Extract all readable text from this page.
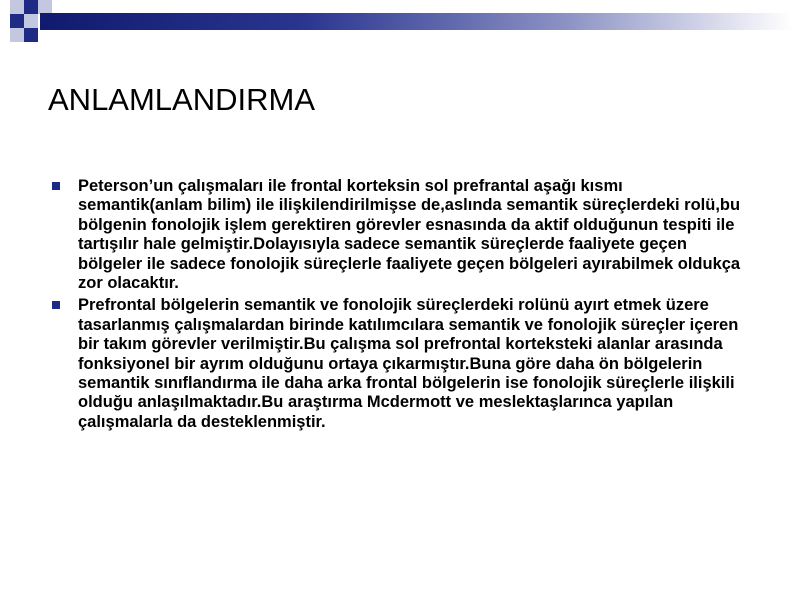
ANLAMLANDIRMA
Peterson’un çalışmaları ile frontal korteksin sol prefrantal aşağı kısmı semantik(anlam bilim) ile ilişkilendirilmişse de,aslında semantik süreçlerdeki rolü,bu bölgenin fonolojik işlem gerektiren görevler esnasında da aktif olduğunun tespiti ile tartışılır hale gelmiştir.Dolayısıyla sadece semantik süreçlerde faaliyete geçen bölgeler ile sadece fonolojik süreçlerle faaliyete geçen bölgeleri ayırabilmek oldukça zor olacaktır.
Prefrontal bölgelerin semantik ve fonolojik süreçlerdeki rolünü ayırt etmek üzere tasarlanmış çalışmalardan birinde katılımcılara semantik ve fonolojik süreçler içeren bir takım görevler verilmiştir.Bu çalışma sol prefrontal korteksteki alanlar arasında fonksiyonel bir ayrım olduğunu ortaya çıkarmıştır.Buna göre daha ön bölgelerin semantik sınıflandırma ile daha arka frontal bölgelerin ise fonolojik süreçlerle ilişkili olduğu anlaşılmaktadır.Bu araştırma Mcdermott ve meslektaşlarınca yapılan çalışmalarla da desteklenmiştir.
